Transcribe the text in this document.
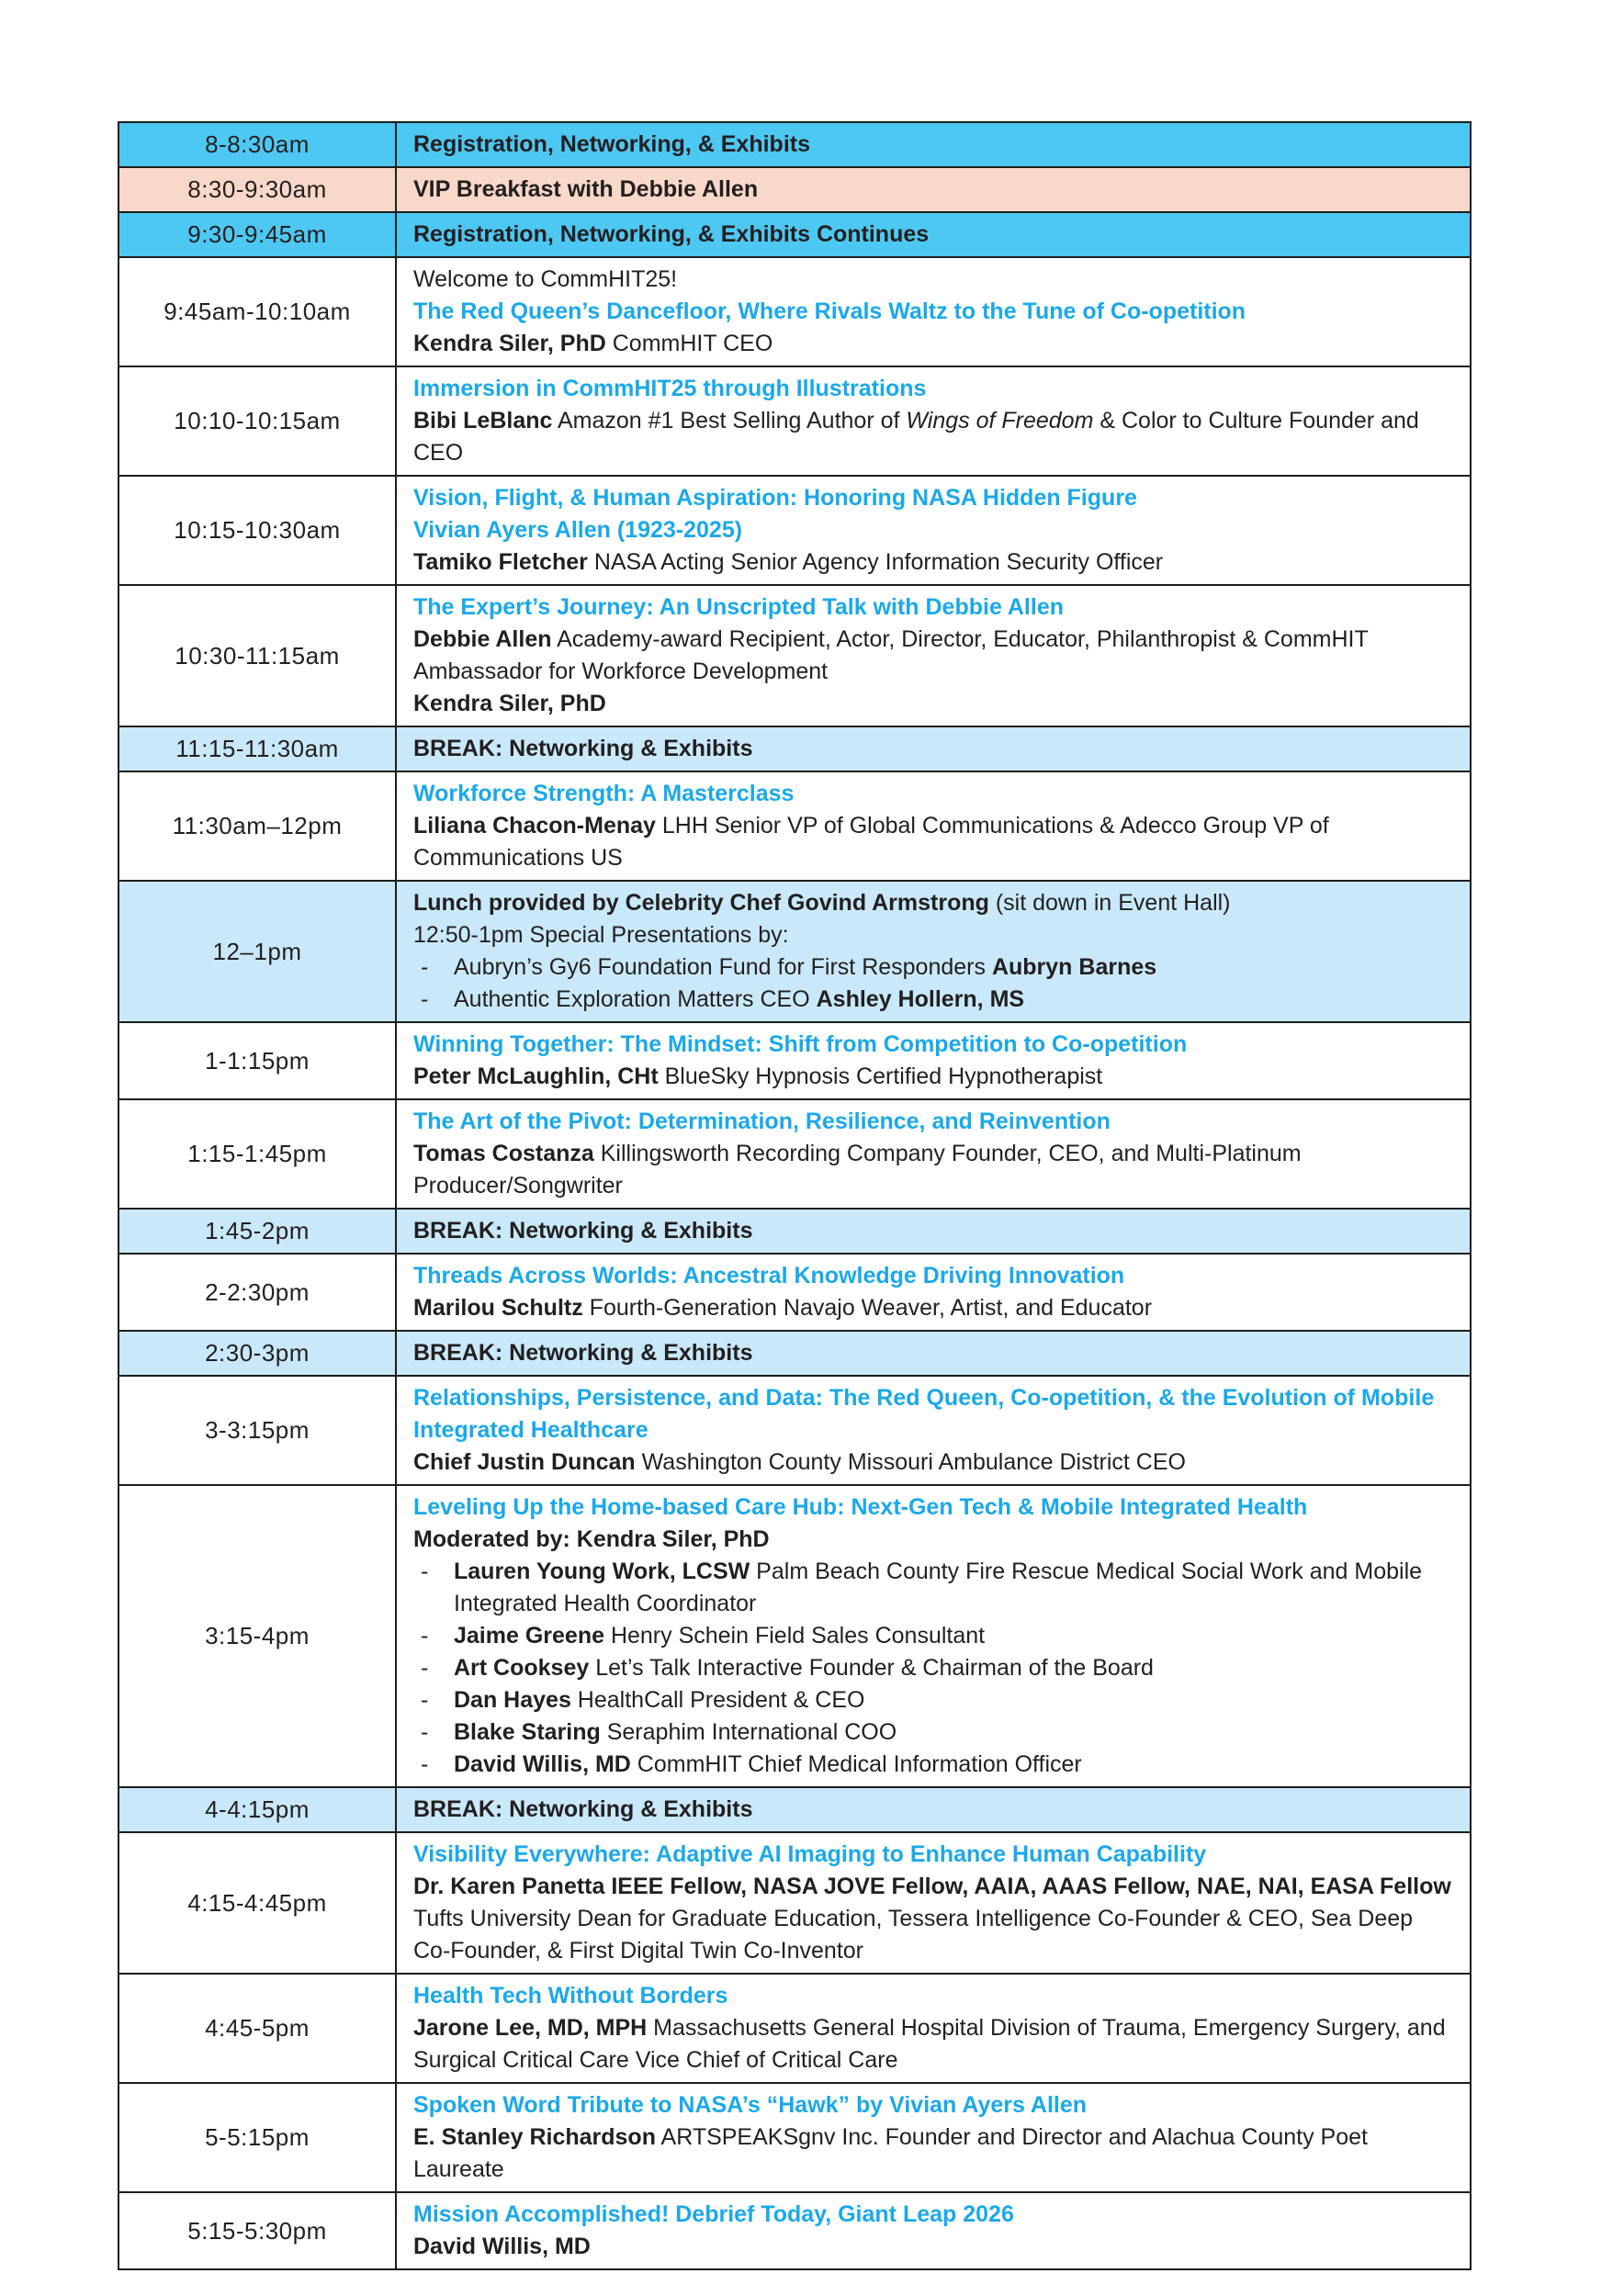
8-8:30am	Registration, Networking, & Exhibits

8:30-9:30am	VIP Breakfast with Debbie Allen

9:30-9:45am	Registration, Networking, & Exhibits Continues

9:45am-10:10am	Welcome to CommHIT25!
The Red Queen’s Dancefloor, Where Rivals Waltz to the Tune of Co-opetition
Kendra Siler, PhD CommHIT CEO

10:10-10:15am	Immersion in CommHIT25 through Illustrations
Bibi LeBlanc Amazon #1 Best Selling Author of Wings of Freedom & Color to Culture Founder and CEO

10:15-10:30am	Vision, Flight, & Human Aspiration: Honoring NASA Hidden Figure
Vivian Ayers Allen (1923-2025)
Tamiko Fletcher NASA Acting Senior Agency Information Security Officer

10:30-11:15am	The Expert’s Journey: An Unscripted Talk with Debbie Allen
Debbie Allen Academy-award Recipient, Actor, Director, Educator, Philanthropist & CommHIT Ambassador for Workforce Development
Kendra Siler, PhD

11:15-11:30am	BREAK: Networking & Exhibits

11:30am–12pm	Workforce Strength: A Masterclass
Liliana Chacon-Menay LHH Senior VP of Global Communications & Adecco Group VP of Communications US

12–1pm	
Lunch provided by Celebrity Chef Govind Armstrong (sit down in Event Hall)
12:50-1pm Special Presentations by:
-	Aubryn’s Gy6 Foundation Fund for First Responders Aubryn Barnes
-	Authentic Exploration Matters CEO Ashley Hollern, MS

1-1:15pm	Winning Together: The Mindset: Shift from Competition to Co-opetition
Peter McLaughlin, CHt BlueSky Hypnosis Certified Hypnotherapist

1:15-1:45pm	The Art of the Pivot: Determination, Resilience, and Reinvention
Tomas Costanza Killingsworth Recording Company Founder, CEO, and Multi-Platinum Producer/Songwriter

1:45-2pm	BREAK: Networking & Exhibits

2-2:30pm	Threads Across Worlds: Ancestral Knowledge Driving Innovation
Marilou Schultz Fourth-Generation Navajo Weaver, Artist, and Educator

2:30-3pm	BREAK: Networking & Exhibits

3-3:15pm	Relationships, Persistence, and Data: The Red Queen, Co-opetition, & the Evolution of Mobile Integrated Healthcare
Chief Justin Duncan Washington County Missouri Ambulance District CEO

3:15-4pm	
Leveling Up the Home-based Care Hub: Next-Gen Tech & Mobile Integrated Health
Moderated by: Kendra Siler, PhD
-	Lauren Young Work, LCSW Palm Beach County Fire Rescue Medical Social Work and Mobile Integrated Health Coordinator
-	Jaime Greene Henry Schein Field Sales Consultant
-	Art Cooksey Let’s Talk Interactive Founder & Chairman of the Board
-	Dan Hayes HealthCall President & CEO
-	Blake Staring Seraphim International COO
-	David Willis, MD CommHIT Chief Medical Information Officer

4-4:15pm	BREAK: Networking & Exhibits

4:15-4:45pm	Visibility Everywhere: Adaptive AI Imaging to Enhance Human Capability
Dr. Karen Panetta IEEE Fellow, NASA JOVE Fellow, AAIA, AAAS Fellow, NAE, NAI, EASA Fellow Tufts University Dean for Graduate Education, Tessera Intelligence Co-Founder & CEO, Sea Deep Co-Founder, & First Digital Twin Co-Inventor

4:45-5pm	Health Tech Without Borders
Jarone Lee, MD, MPH Massachusetts General Hospital Division of Trauma, Emergency Surgery, and Surgical Critical Care Vice Chief of Critical Care

5-5:15pm	Spoken Word Tribute to NASA’s “Hawk” by Vivian Ayers Allen
E. Stanley Richardson ARTSPEAKSgnv Inc. Founder and Director and Alachua County Poet Laureate

5:15-5:30pm	Mission Accomplished! Debrief Today, Giant Leap 2026
David Willis, MD
